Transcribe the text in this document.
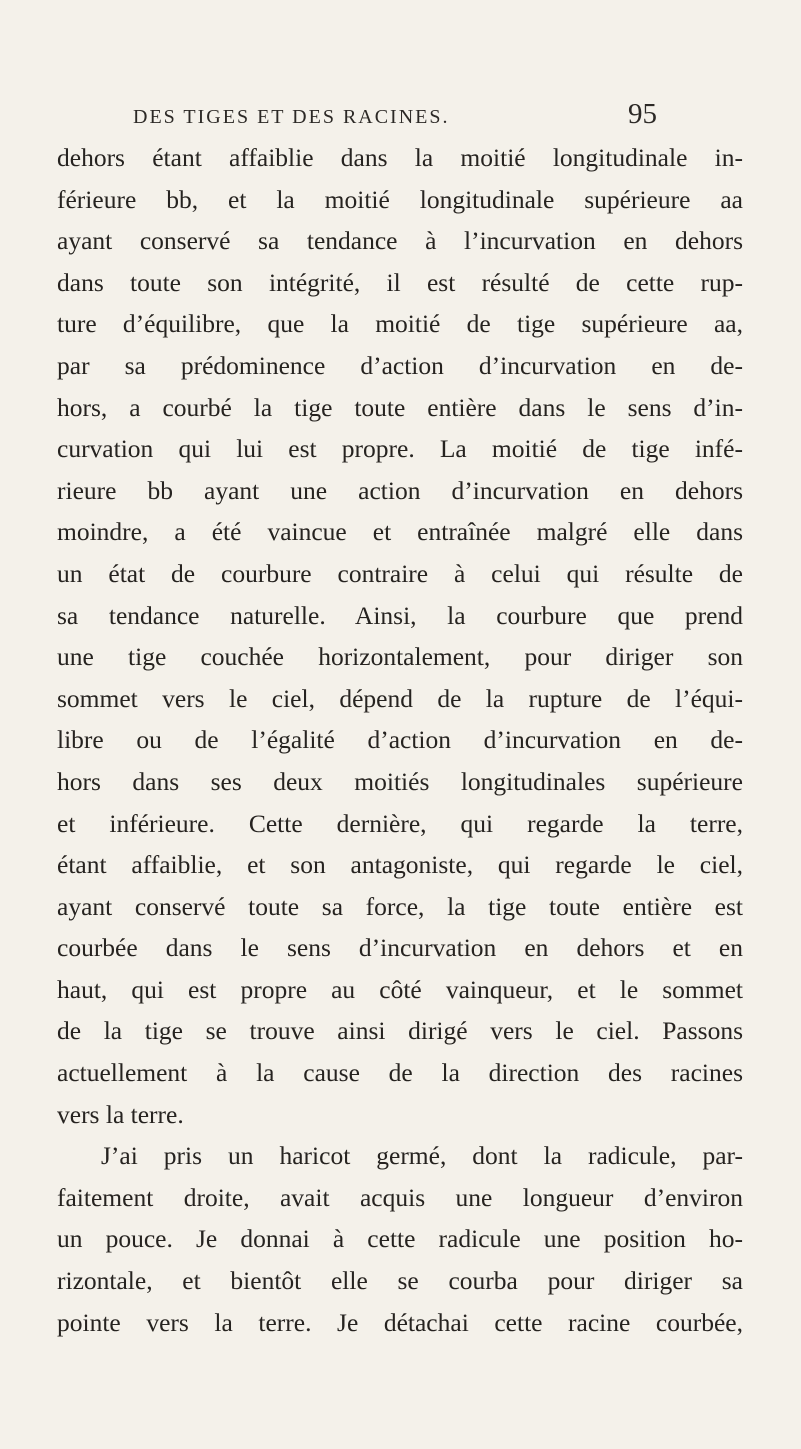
DES TIGES ET DES RACINES.	95
dehors étant affaiblie dans la moitié longitudinale in-
férieure bb, et la moitié longitudinale supérieure aa
ayant conservé sa tendance à l’incurvation en dehors
dans toute son intégrité, il est résulté de cette rup-
ture d’équilibre, que la moitié de tige supérieure aa,
par sa prédominence d’action d’incurvation en de-
hors, a courbé la tige toute entière dans le sens d’in-
curvation qui lui est propre. La moitié de tige infé-
rieure bb ayant une action d’incurvation en dehors
moindre, a été vaincue et entraînée malgré elle dans
un état de courbure contraire à celui qui résulte de
sa tendance naturelle. Ainsi, la courbure que prend
une tige couchée horizontalement, pour diriger son
sommet vers le ciel, dépend de la rupture de l’équi-
libre ou de l’égalité d’action d’incurvation en de-
hors dans ses deux moitiés longitudinales supérieure
et inférieure. Cette dernière, qui regarde la terre,
étant affaiblie, et son antagoniste, qui regarde le ciel,
ayant conservé toute sa force, la tige toute entière est
courbée dans le sens d’incurvation en dehors et en
haut, qui est propre au côté vainqueur, et le sommet
de la tige se trouve ainsi dirigé vers le ciel. Passons
actuellement à la cause de la direction des racines
vers la terre.
J’ai pris un haricot germé, dont la radicule, par-
faitement droite, avait acquis une longueur d’environ
un pouce. Je donnai à cette radicule une position ho-
rizontale, et bientôt elle se courba pour diriger sa
pointe vers la terre. Je détachai cette racine courbée,
